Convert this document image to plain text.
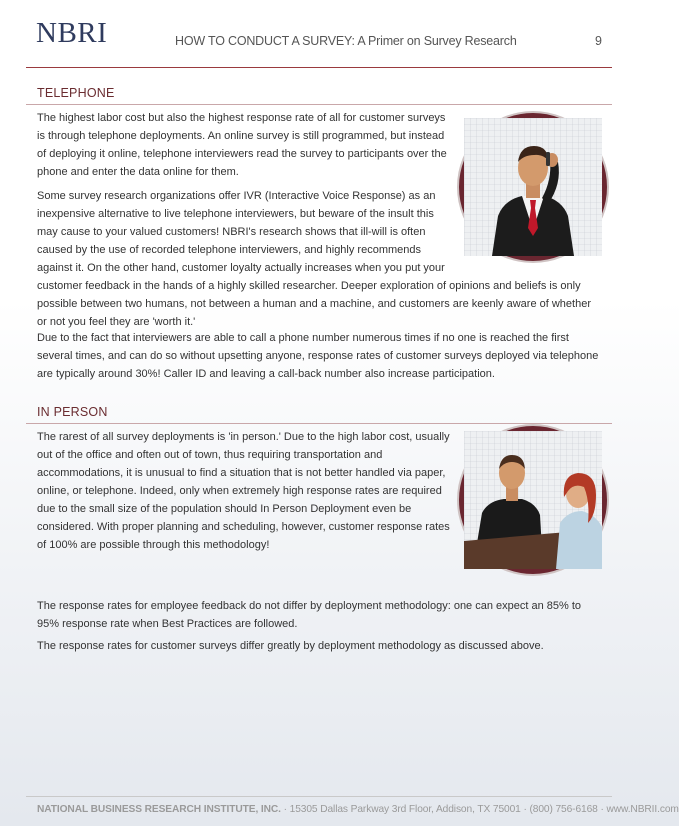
NBRI	HOW TO CONDUCT A SURVEY: A Primer on Survey Research	9
TELEPHONE

The highest labor cost but also the highest response rate of all for customer surveys is through telephone deployments. An online survey is still programmed, but instead of deploying it online, telephone interviewers read the survey to participants over the phone and enter the data online for them.

Some survey research organizations offer IVR (Interactive Voice Response) as an inexpensive alternative to live telephone interviewers, but beware of the insult this may cause to your valued customers! NBRI's research shows that ill-will is often caused by the use of recorded telephone interviewers, and highly recommends against it. On the other hand, customer loyalty actually increases when you put your

customer feedback in the hands of a highly skilled researcher. Deeper exploration of opinions and beliefs is only possible between two humans, not between a human and a machine, and customers are keenly aware of whether or not you feel they are 'worth it.'

Due to the fact that interviewers are able to call a phone number numerous times if no one is reached the first several times, and can do so without upsetting anyone, response rates of customer surveys deployed via telephone are typically around 30%! Caller ID and leaving a call-back number also increase participation.

IN PERSON

The rarest of all survey deployments is 'in person.' Due to the high labor cost, usually out of the office and often out of town, thus requiring transportation and accommodations, it is unusual to find a situation that is not better handled via paper, online, or telephone. Indeed, only when extremely high response rates are required due to the small size of the population should In Person Deployment even be considered. With proper planning and scheduling, however, customer response rates of 100% are possible through this methodology!

The response rates for employee feedback do not differ by deployment methodology: one can expect an 85% to 95% response rate when Best Practices are followed.

The response rates for customer surveys differ greatly by deployment methodology as discussed above.

NATIONAL BUSINESS RESEARCH INSTITUTE, INC. · 15305 Dallas Parkway 3rd Floor, Addison, TX 75001 · (800) 756-6168 · www.NBRII.com
